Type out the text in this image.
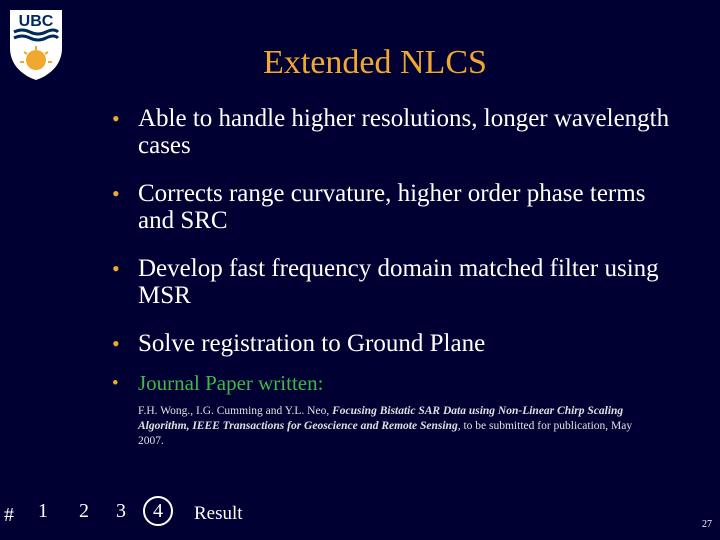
UBC
Extended NLCS
• Able to handle higher resolutions, longer wavelength cases
• Corrects range curvature, higher order phase terms and SRC
• Develop fast frequency domain matched filter using MSR
• Solve registration to Ground Plane
• Journal Paper written:
F.H. Wong., I.G. Cumming and Y.L. Neo, Focusing Bistatic SAR Data using Non-Linear Chirp Scaling Algorithm, IEEE Transactions for Geoscience and Remote Sensing, to be submitted for publication, May 2007.
# 1 2 3	4	Result
27
